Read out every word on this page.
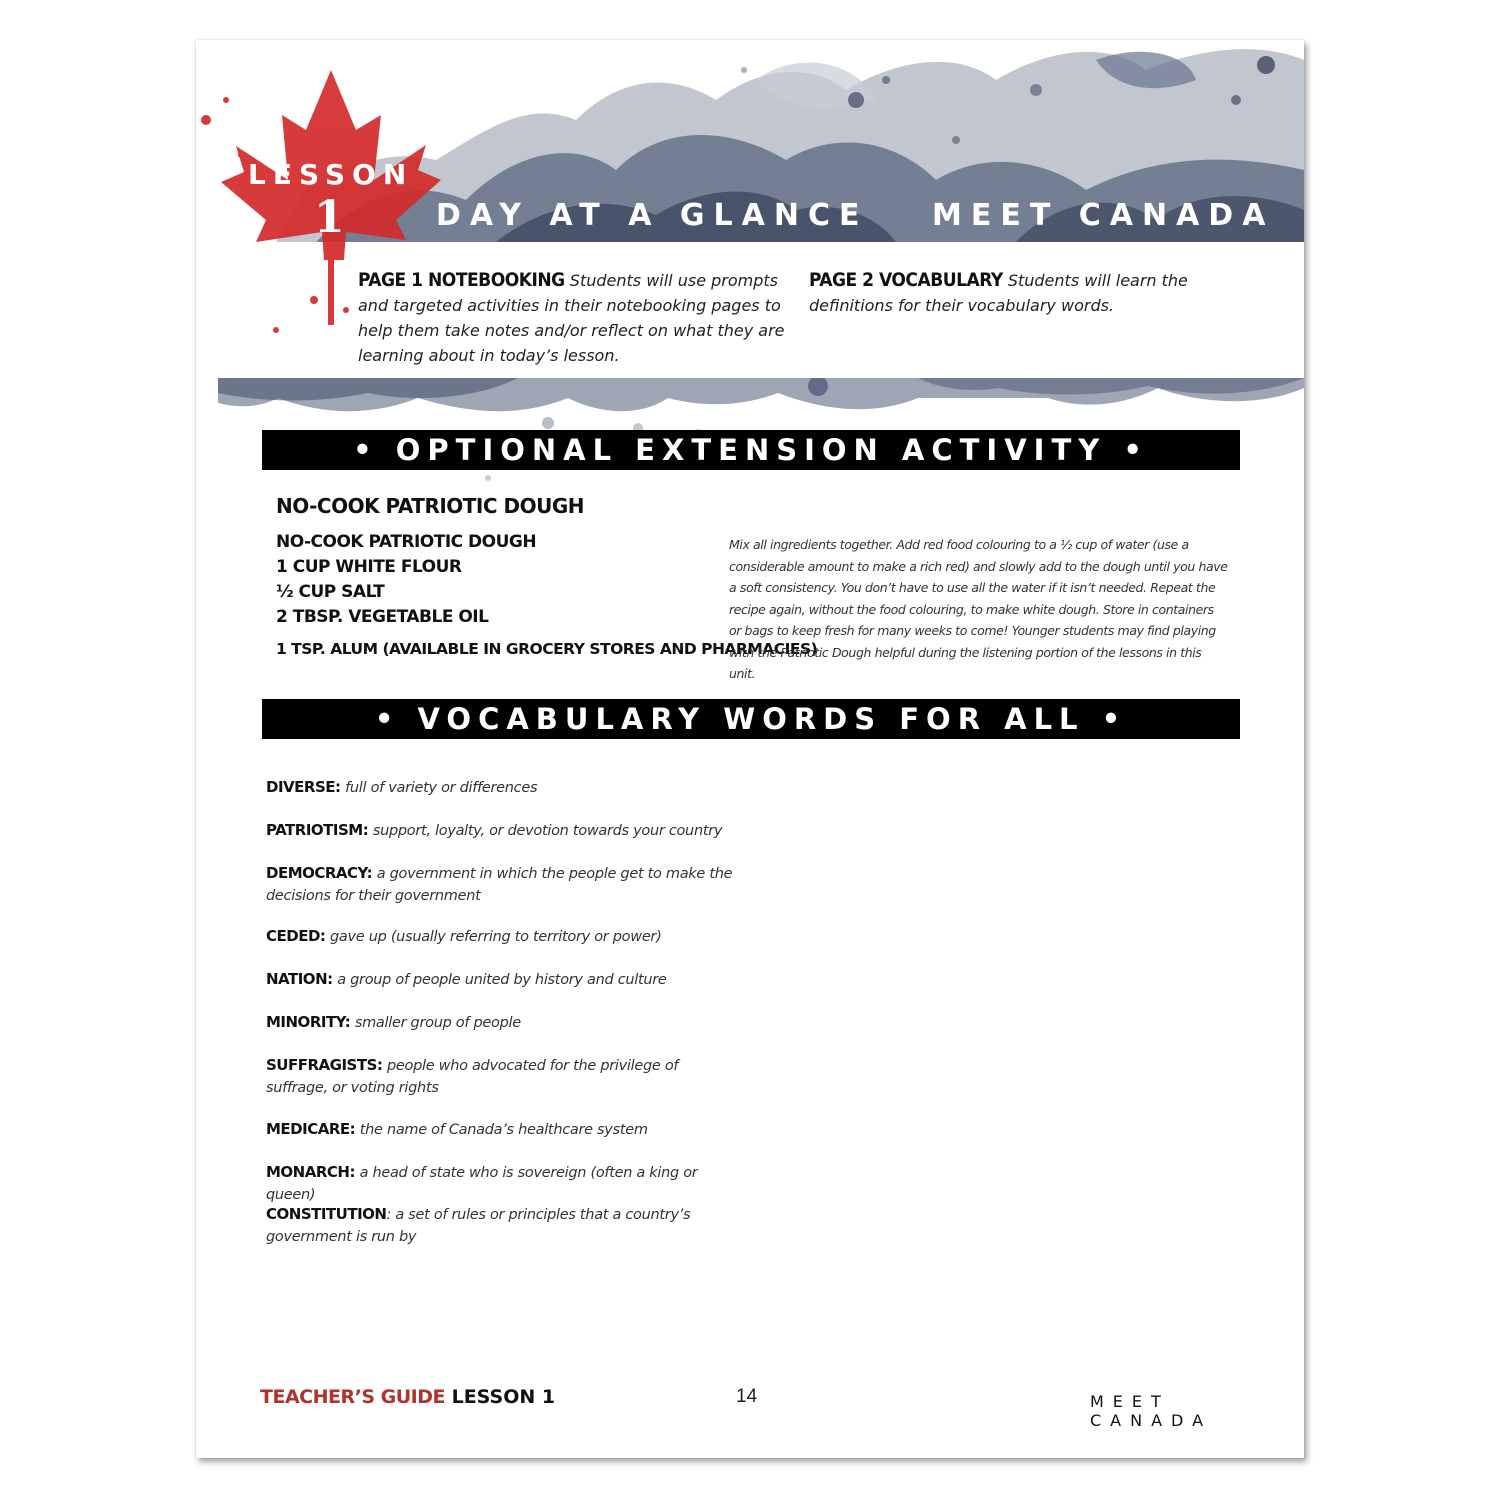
LESSON
1	DAY AT A GLANCE MEET CANADA
PAGE 1 NOTEBOOKING Students will use prompts and targeted activities in their notebooking pages to help them take notes and/or reflect on what they are learning about in today’s lesson.
PAGE 2 VOCABULARY Students will learn the definitions for their vocabulary words.
• OPTIONAL EXTENSION ACTIVITY •
NO-COOK PATRIOTIC DOUGH
NO-COOK PATRIOTIC DOUGH
1 CUP WHITE FLOUR
½ CUP SALT
2 TBSP. VEGETABLE OIL
1 TSP. ALUM (AVAILABLE IN GROCERY STORES AND PHARMACIES)
Mix all ingredients together. Add red food colouring to a ½ cup of water (use a considerable amount to make a rich red) and slowly add to the dough until you have a soft consistency. You don’t have to use all the water if it isn’t needed. Repeat the recipe again, without the food colouring, to make white dough. Store in containers or bags to keep fresh for many weeks to come! Younger students may find playing with the Patriotic Dough helpful during the listening portion of the lessons in this unit.
• VOCABULARY WORDS FOR ALL •
DIVERSE: full of variety or differences
PATRIOTISM: support, loyalty, or devotion towards your country
DEMOCRACY: a government in which the people get to make the decisions for their government
CEDED: gave up (usually referring to territory or power)
NATION: a group of people united by history and culture
MINORITY: smaller group of people
SUFFRAGISTS: people who advocated for the privilege of suffrage, or voting rights
MEDICARE: the name of Canada’s healthcare system
MONARCH: a head of state who is sovereign (often a king or queen)
CONSTITUTION: a set of rules or principles that a country’s government is run by
TEACHER’S GUIDE LESSON 1	14	MEET CANADA
